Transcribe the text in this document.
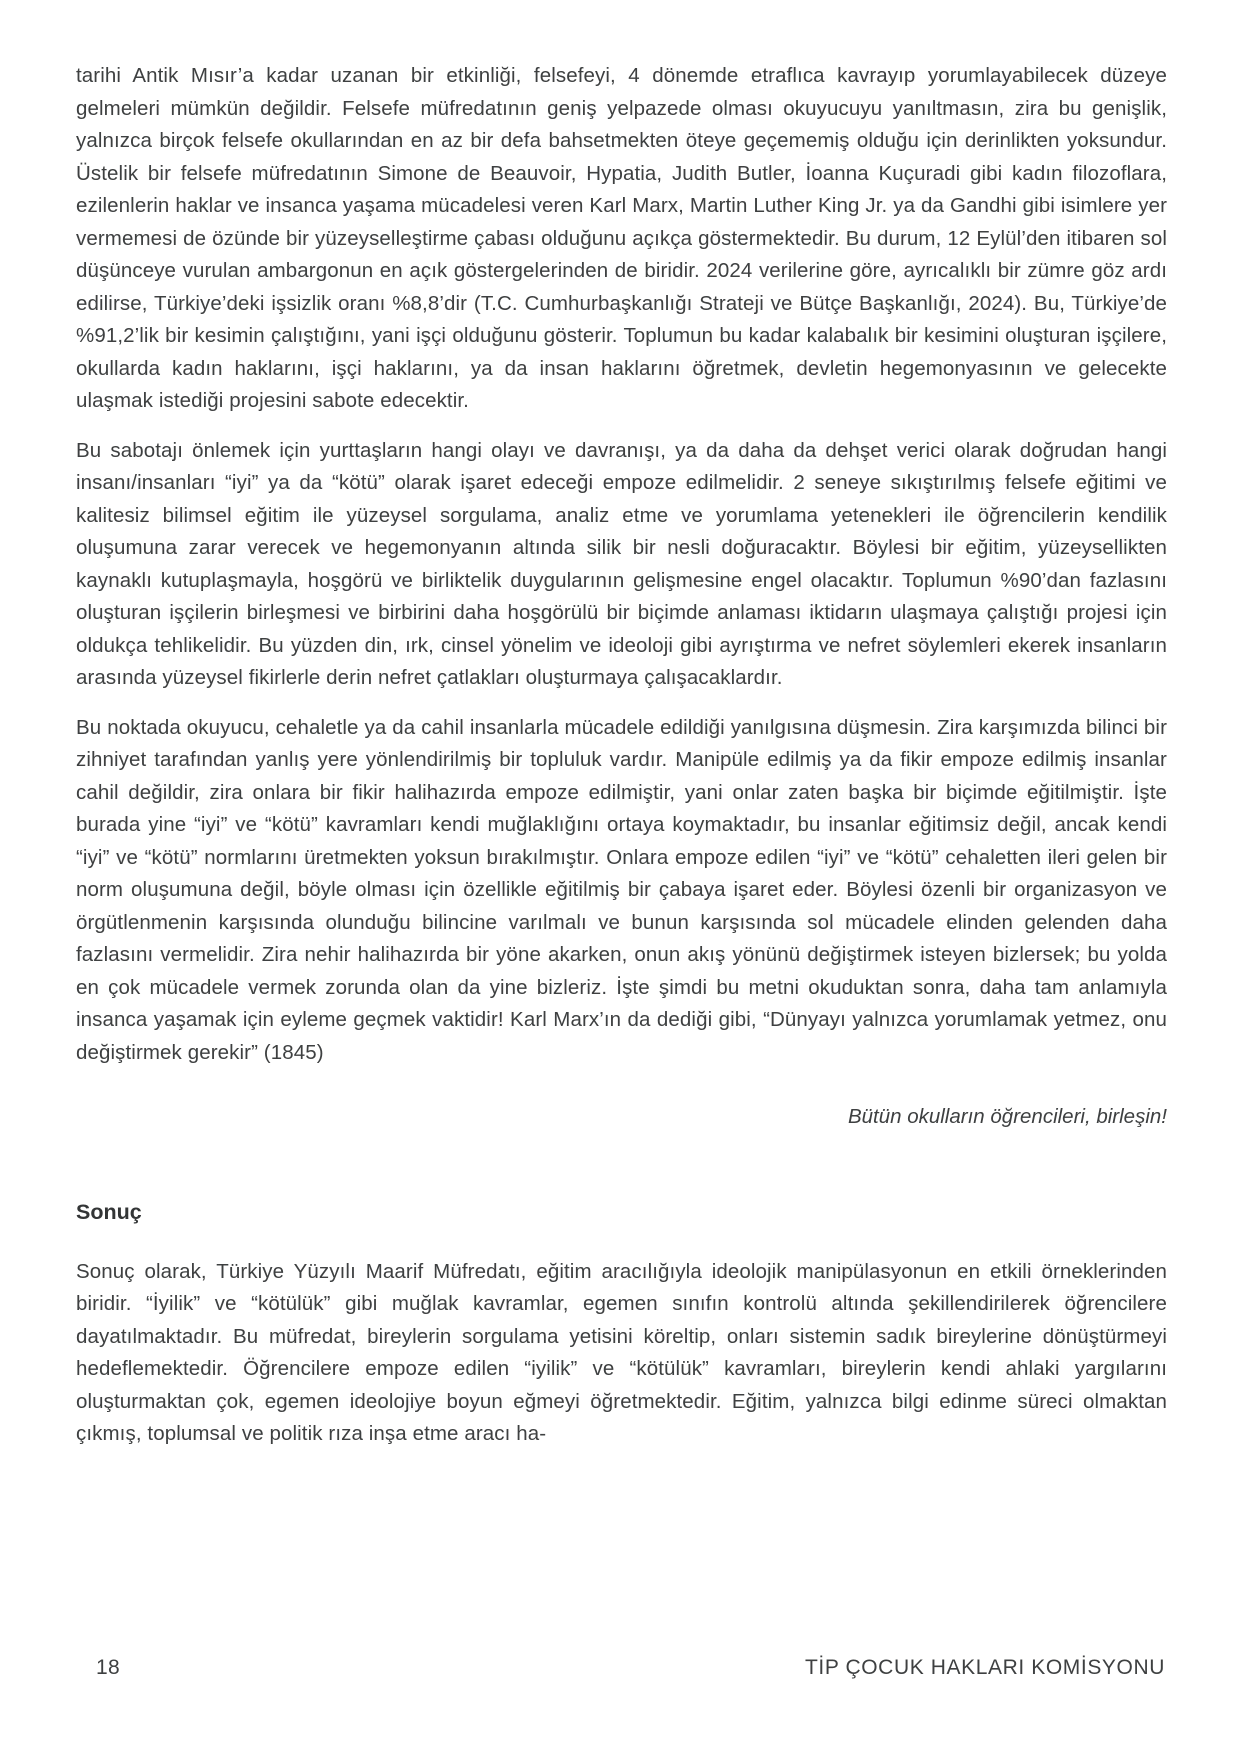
tarihi Antik Mısır’a kadar uzanan bir etkinliği, felsefeyi, 4 dönemde etraflıca kavrayıp yorumlayabilecek düzeye gelmeleri mümkün değildir. Felsefe müfredatının geniş yelpazede olması okuyucuyu yanıltmasın, zira bu genişlik, yalnızca birçok felsefe okullarından en az bir defa bahsetmekten öteye geçememiş olduğu için derinlikten yoksundur. Üstelik bir felsefe müfredatının Simone de Beauvoir, Hypatia, Judith Butler, İoanna Kuçuradi gibi kadın filozoflara, ezilenlerin haklar ve insanca yaşama mücadelesi veren Karl Marx, Martin Luther King Jr. ya da Gandhi gibi isimlere yer vermemesi de özünde bir yüzeyselleştirme çabası olduğunu açıkça göstermektedir. Bu durum, 12 Eylül’den itibaren sol düşünceye vurulan ambargonun en açık göstergelerinden de biridir. 2024 verilerine göre, ayrıcalıklı bir zümre göz ardı edilirse, Türkiye’deki işsizlik oranı %8,8’dir (T.C. Cumhurbaşkanlığı Strateji ve Bütçe Başkanlığı, 2024). Bu, Türkiye’de %91,2’lik bir kesimin çalıştığını, yani işçi olduğunu gösterir. Toplumun bu kadar kalabalık bir kesimini oluşturan işçilere, okullarda kadın haklarını, işçi haklarını, ya da insan haklarını öğretmek, devletin hegemonyasının ve gelecekte ulaşmak istediği projesini sabote edecektir.

Bu sabotajı önlemek için yurttaşların hangi olayı ve davranışı, ya da daha da dehşet verici olarak doğrudan hangi insanı/insanları “iyi” ya da “kötü” olarak işaret edeceği empoze edilmelidir. 2 seneye sıkıştırılmış felsefe eğitimi ve kalitesiz bilimsel eğitim ile yüzeysel sorgulama, analiz etme ve yorumlama yetenekleri ile öğrencilerin kendilik oluşumuna zarar verecek ve hegemonyanın altında silik bir nesli doğuracaktır. Böylesi bir eğitim, yüzeysellikten kaynaklı kutuplaşmayla, hoşgörü ve birliktelik duygularının gelişmesine engel olacaktır. Toplumun %90’dan fazlasını oluşturan işçilerin birleşmesi ve birbirini daha hoşgörülü bir biçimde anlaması iktidarın ulaşmaya çalıştığı projesi için oldukça tehlikelidir. Bu yüzden din, ırk, cinsel yönelim ve ideoloji gibi ayrıştırma ve nefret söylemleri ekerek insanların arasında yüzeysel fikirlerle derin nefret çatlakları oluşturmaya çalışacaklardır.

Bu noktada okuyucu, cehaletle ya da cahil insanlarla mücadele edildiği yanılgısına düşmesin. Zira karşımızda bilinci bir zihniyet tarafından yanlış yere yönlendirilmiş bir topluluk vardır. Manipüle edilmiş ya da fikir empoze edilmiş insanlar cahil değildir, zira onlara bir fikir halihazırda empoze edilmiştir, yani onlar zaten başka bir biçimde eğitilmiştir. İşte burada yine “iyi” ve “kötü” kavramları kendi muğlaklığını ortaya koymaktadır, bu insanlar eğitimsiz değil, ancak kendi “iyi” ve “kötü” normlarını üretmekten yoksun bırakılmıştır. Onlara empoze edilen “iyi” ve “kötü” cehaletten ileri gelen bir norm oluşumuna değil, böyle olması için özellikle eğitilmiş bir çabaya işaret eder. Böylesi özenli bir organizasyon ve örgütlenmenin karşısında olunduğu bilincine varılmalı ve bunun karşısında sol mücadele elinden gelenden daha fazlasını vermelidir. Zira nehir halihazırda bir yöne akarken, onun akış yönünü değiştirmek isteyen bizlersek; bu yolda en çok mücadele vermek zorunda olan da yine bizleriz. İşte şimdi bu metni okuduktan sonra, daha tam anlamıyla insanca yaşamak için eyleme geçmek vaktidir! Karl Marx’ın da dediği gibi, “Dünyayı yalnızca yorumlamak yetmez, onu değiştirmek gerekir” (1845)

Bütün okulların öğrencileri, birleşin!

Sonuç

Sonuç olarak, Türkiye Yüzyılı Maarif Müfredatı, eğitim aracılığıyla ideolojik manipülasyonun en etkili örneklerinden biridir. “İyilik” ve “kötülük” gibi muğlak kavramlar, egemen sınıfın kontrolü altında şekillendirilerek öğrencilere dayatılmaktadır. Bu müfredat, bireylerin sorgulama yetisini köreltip, onları sistemin sadık bireylerine dönüştürmeyi hedeflemektedir. Öğrencilere empoze edilen “iyilik” ve “kötülük” kavramları, bireylerin kendi ahlaki yargılarını oluşturmaktan çok, egemen ideolojiye boyun eğmeyi öğretmektedir. Eğitim, yalnızca bilgi edinme süreci olmaktan çıkmış, toplumsal ve politik rıza inşa etme aracı ha-

18	TİP ÇOCUK HAKLARI KOMİSYONU
